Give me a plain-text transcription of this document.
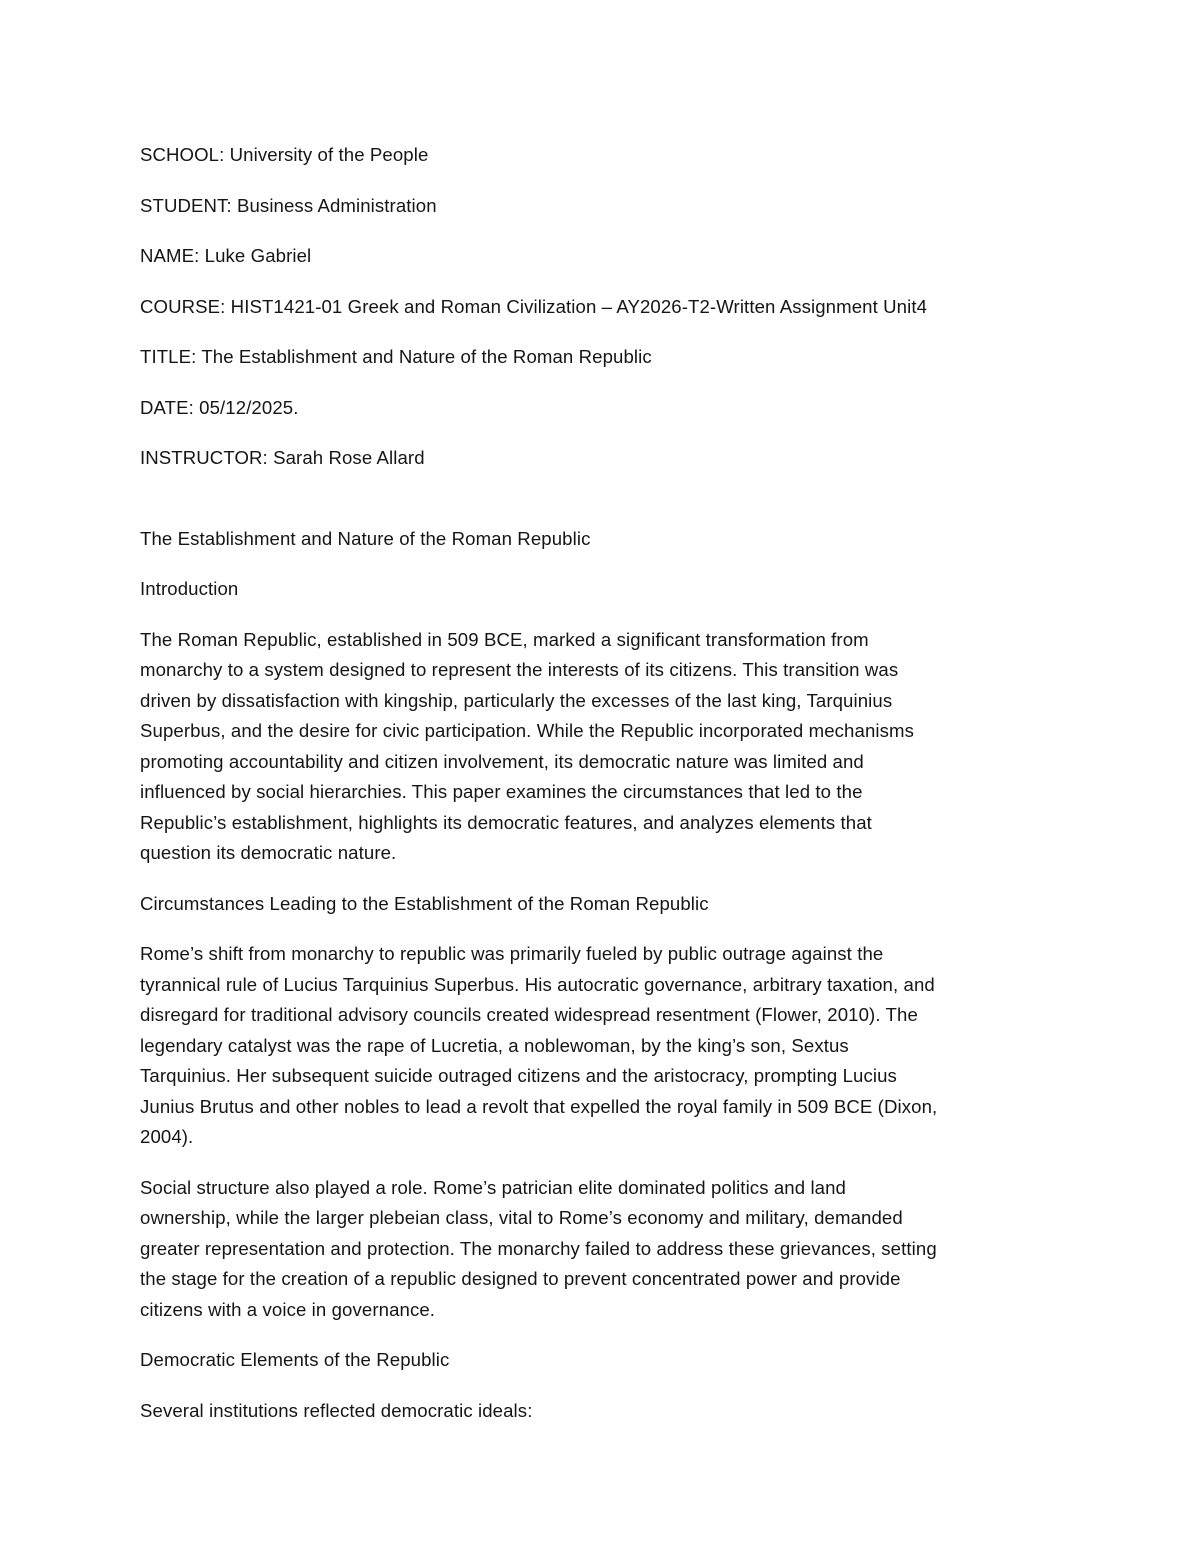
SCHOOL: University of the People

STUDENT: Business Administration

NAME: Luke Gabriel

COURSE: HIST1421-01 Greek and Roman Civilization – AY2026-T2-Written Assignment Unit4

TITLE: The Establishment and Nature of the Roman Republic

DATE: 05/12/2025.

INSTRUCTOR: Sarah Rose Allard

The Establishment and Nature of the Roman Republic

Introduction

The Roman Republic, established in 509 BCE, marked a significant transformation from monarchy to a system designed to represent the interests of its citizens. This transition was driven by dissatisfaction with kingship, particularly the excesses of the last king, Tarquinius Superbus, and the desire for civic participation. While the Republic incorporated mechanisms promoting accountability and citizen involvement, its democratic nature was limited and influenced by social hierarchies. This paper examines the circumstances that led to the Republic’s establishment, highlights its democratic features, and analyzes elements that question its democratic nature.

Circumstances Leading to the Establishment of the Roman Republic

Rome’s shift from monarchy to republic was primarily fueled by public outrage against the tyrannical rule of Lucius Tarquinius Superbus. His autocratic governance, arbitrary taxation, and disregard for traditional advisory councils created widespread resentment (Flower, 2010). The legendary catalyst was the rape of Lucretia, a noblewoman, by the king’s son, Sextus Tarquinius. Her subsequent suicide outraged citizens and the aristocracy, prompting Lucius Junius Brutus and other nobles to lead a revolt that expelled the royal family in 509 BCE (Dixon, 2004).

Social structure also played a role. Rome’s patrician elite dominated politics and land ownership, while the larger plebeian class, vital to Rome’s economy and military, demanded greater representation and protection. The monarchy failed to address these grievances, setting the stage for the creation of a republic designed to prevent concentrated power and provide citizens with a voice in governance.

Democratic Elements of the Republic

Several institutions reflected democratic ideals:
